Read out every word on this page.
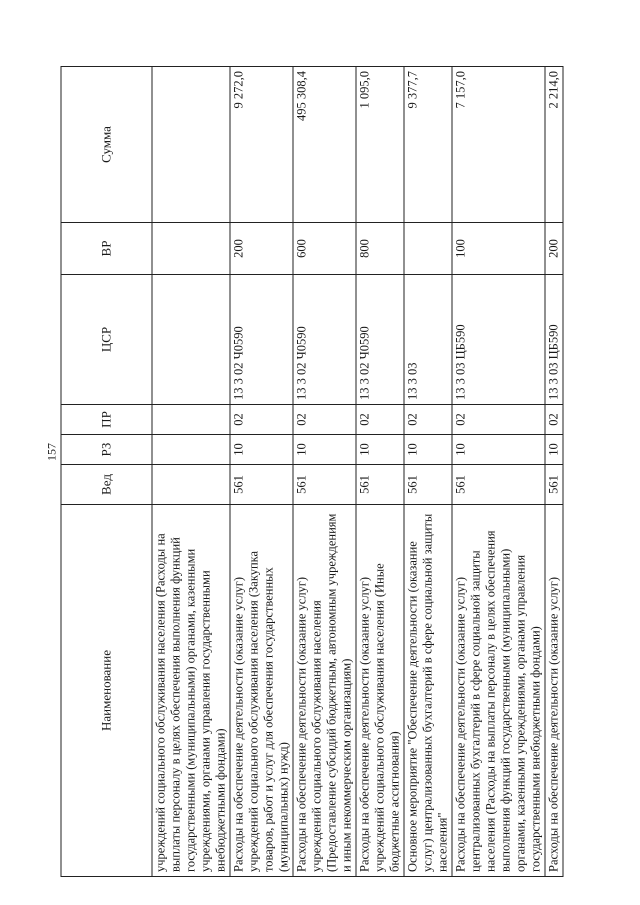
157
Наименование	Вед	РЗ	ПР	ЦСР	ВР	Сумма
учреждений социального обслуживания населения (Расходы на выплаты персоналу в целях обеспечения выполнения функций государственными (муниципальными) органами, казенными учреждениями, органами управления государственными внебюджетными фондами)						
Расходы на обеспечение деятельности (оказание услуг) учреждений социального обслуживания населения (Закупка товаров, работ и услуг для обеспечения государственных (муниципальных) нужд)	561	10	02	13 3 02 Ч0590	200	9 272,0
Расходы на обеспечение деятельности (оказание услуг) учреждений социального обслуживания населения (Предоставление субсидий бюджетным, автономным учреждениям и иным некоммерческим организациям)	561	10	02	13 3 02 Ч0590	600	495 308,4
Расходы на обеспечение деятельности (оказание услуг) учреждений социального обслуживания населения (Иные бюджетные ассигнования)	561	10	02	13 3 02 Ч0590	800	1 095,0
Основное мероприятие "Обеспечение деятельности (оказание услуг) централизованных бухгалтерий в сфере социальной защиты населения"	561	10	02	13 3 03		9 377,7
Расходы на обеспечение деятельности (оказание услуг) централизованных бухгалтерий в сфере социальной защиты населения (Расходы на выплаты персоналу в целях обеспечения выполнения функций государственными (муниципальными) органами, казенными учреждениями, органами управления государственными внебюджетными фондами)	561	10	02	13 3 03 ЦБ590	100	7 157,0
Расходы на обеспечение деятельности (оказание услуг)	561	10	02	13 3 03 ЦБ590	200	2 214,0
